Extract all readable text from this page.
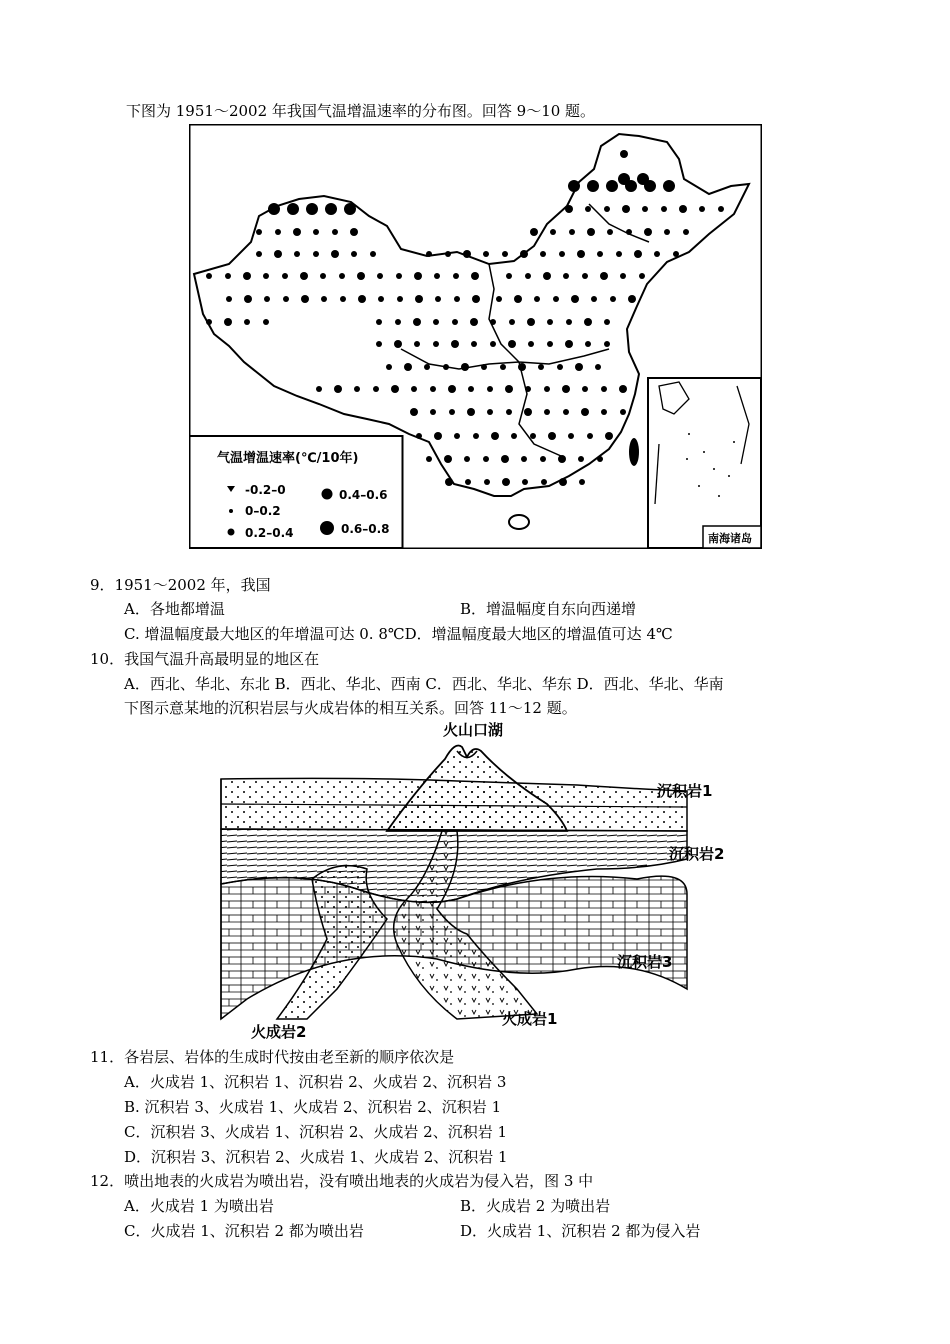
下图为 1951～2002 年我国气温增温速率的分布图。回答 9～10 题。
气温增温速率(℃/10年)
-0.2–0
0–0.2
0.2–0.4
0.4–0.6
0.6–0.8
南海诸岛
9．1951～2002 年，我国
A．各地都增温	B．增温幅度自东向西递增
C. 增温幅度最大地区的年增温可达 0. 8℃D．增温幅度最大地区的增温值可达 4℃
10．我国气温升高最明显的地区在
A．西北、华北、东北 B．西北、华北、西南 C．西北、华北、华东 D．西北、华北、华南
下图示意某地的沉积岩层与火成岩体的相互关系。回答 11～12 题。
火山口湖
沉积岩1
沉积岩2
沉积岩3
火成岩1
火成岩2
11．各岩层、岩体的生成时代按由老至新的顺序依次是
A．火成岩 1、沉积岩 1、沉积岩 2、火成岩 2、沉积岩 3
B. 沉积岩 3、火成岩 1、火成岩 2、沉积岩 2、沉积岩 1
C．沉积岩 3、火成岩 1、沉积岩 2、火成岩 2、沉积岩 1
D．沉积岩 3、沉积岩 2、火成岩 1、火成岩 2、沉积岩 1
12．喷出地表的火成岩为喷出岩，没有喷出地表的火成岩为侵入岩，图 3 中
A．火成岩 1 为喷出岩	B．火成岩 2 为喷出岩
C．火成岩 1、沉积岩 2 都为喷出岩	D．火成岩 1、沉积岩 2 都为侵入岩
